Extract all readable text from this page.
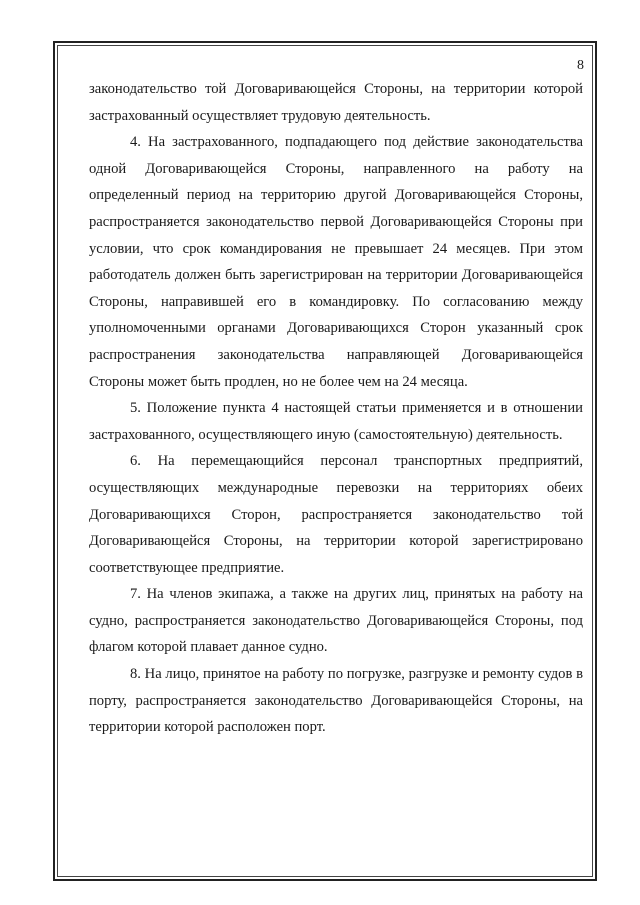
8

законодательство той Договаривающейся Стороны, на территории которой застрахованный осуществляет трудовую деятельность.

4. На застрахованного, подпадающего под действие законодательства одной Договаривающейся Стороны, направленного на работу на определенный период на территорию другой Договаривающейся Стороны, распространяется законодательство первой Договаривающейся Стороны при условии, что срок командирования не превышает 24 месяцев. При этом работодатель должен быть зарегистрирован на территории Договаривающейся Стороны, направившей его в командировку. По согласованию между уполномоченными органами Договаривающихся Сторон указанный срок распространения законодательства направляющей Договаривающейся Стороны может быть продлен, но не более чем на 24 месяца.

5. Положение пункта 4 настоящей статьи применяется и в отношении застрахованного, осуществляющего иную (самостоятельную) деятельность.

6. На перемещающийся персонал транспортных предприятий, осуществляющих международные перевозки на территориях обеих Договаривающихся Сторон, распространяется законодательство той Договаривающейся Стороны, на территории которой зарегистрировано соответствующее предприятие.

7. На членов экипажа, а также на других лиц, принятых на работу на судно, распространяется законодательство Договаривающейся Стороны, под флагом которой плавает данное судно.

8. На лицо, принятое на работу по погрузке, разгрузке и ремонту судов в порту, распространяется законодательство Договаривающейся Стороны, на территории которой расположен порт.
